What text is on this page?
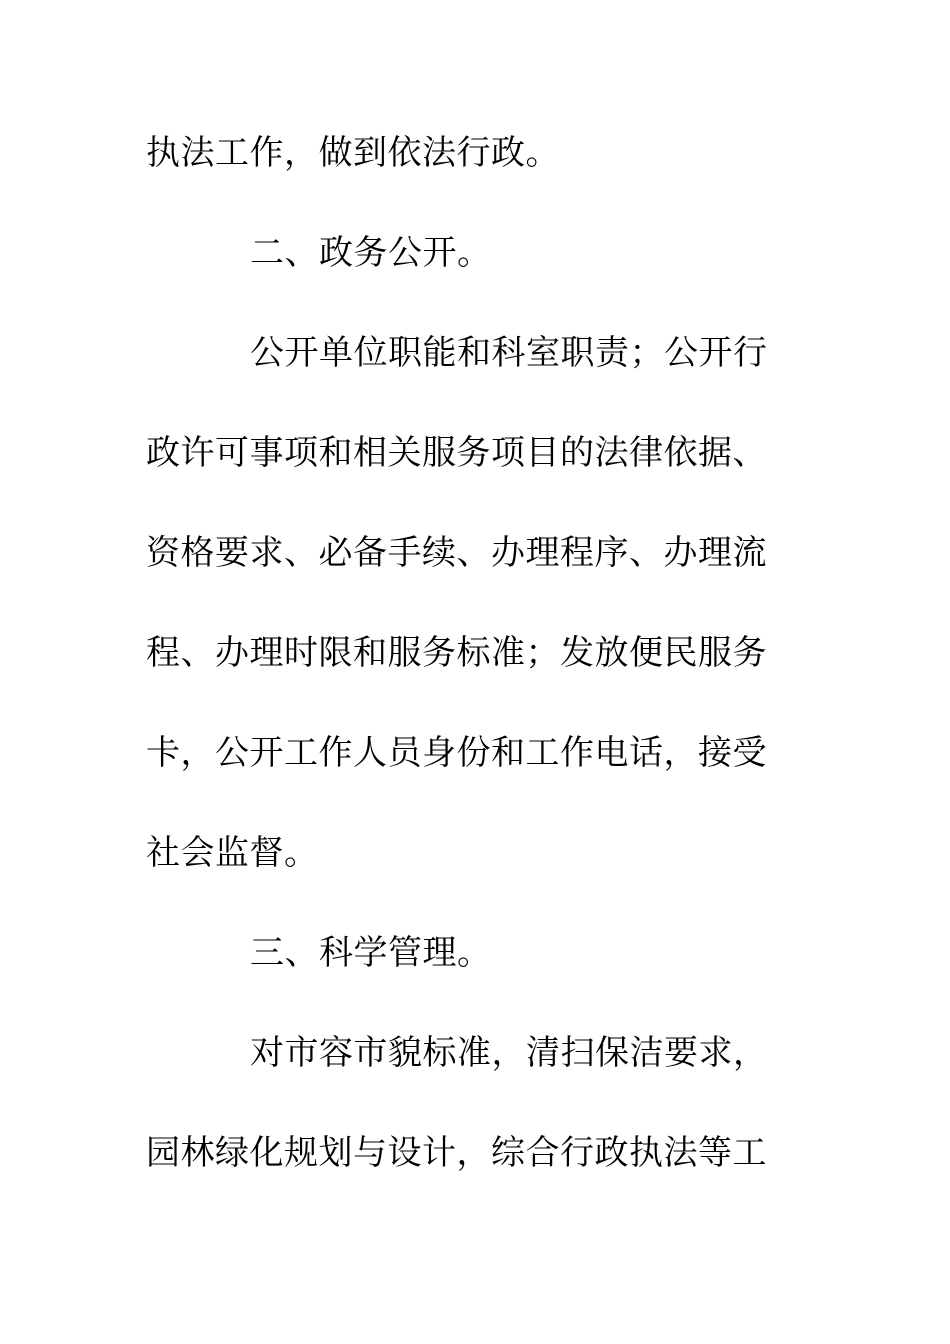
执法工作，做到依法行政。
二、政务公开。
公开单位职能和科室职责；公开行
政许可事项和相关服务项目的法律依据、
资格要求、必备手续、办理程序、办理流
程、办理时限和服务标准；发放便民服务
卡，公开工作人员身份和工作电话，接受
社会监督。
三、科学管理。
对市容市貌标准，清扫保洁要求，
园林绿化规划与设计，综合行政执法等工
